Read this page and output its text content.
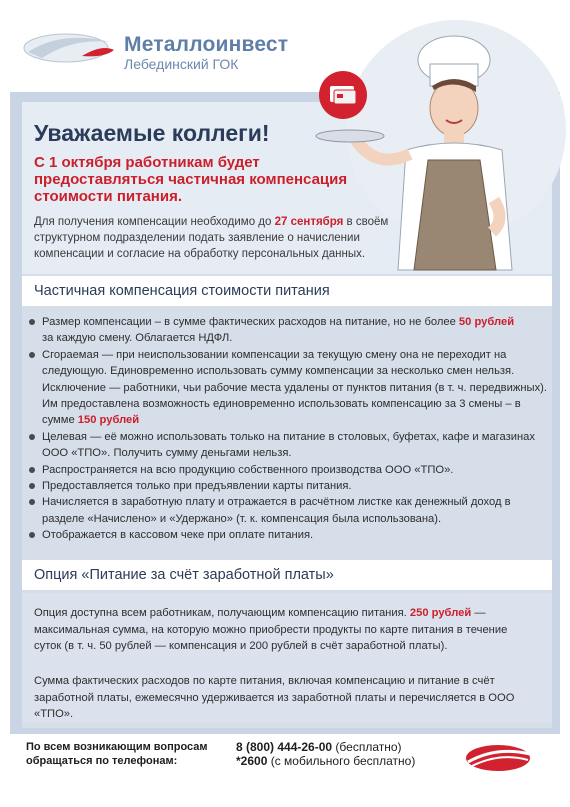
Металлоинвест
Лебединский ГОК
Уважаемые коллеги!
С 1 октября работникам будет предоставляться частичная компенсация стоимости питания.
Для получения компенсации необходимо до 27 сентября в своём структурном подразделении подать заявление о начислении компенсации и согласие на обработку персональных данных.
Частичная компенсация стоимости питания
Размер компенсации – в сумме фактических расходов на питание, но не более 50 рублей
за каждую смену. Облагается НДФЛ.
Сгораемая — при неиспользовании компенсации за текущую смену она не переходит на следующую. Единовременно использовать сумму компенсации за несколько смен нельзя.
Исключение — работники, чьи рабочие места удалены от пунктов питания (в т. ч. передвижных). Им предоставлена возможность единовременно использовать компенсацию за 3 смены – в сумме 150 рублей
Целевая — её можно использовать только на питание в столовых, буфетах, кафе и магазинах ООО «ТПО». Получить сумму деньгами нельзя.
Распространяется на всю продукцию собственного производства ООО «ТПО».
Предоставляется только при предъявлении карты питания.
Начисляется в заработную плату и отражается в расчётном листке как денежный доход в разделе «Начислено» и «Удержано» (т. к. компенсация была использована).
Отображается в кассовом чеке при оплате питания.
Опция «Питание за счёт заработной платы»

Опция доступна всем работникам, получающим компенсацию питания. 250 рублей — максимальная сумма, на которую можно приобрести продукты по карте питания в течение суток (в т. ч. 50 рублей — компенсация и 200 рублей в счёт заработной платы).

Сумма фактических расходов по карте питания, включая компенсацию и питание в счёт заработной платы, ежемесячно удерживается из заработной платы и перечисляется в ООО «ТПО».

По всем возникающим вопросам обращаться по телефонам:
8 (800) 444-26-00 (бесплатно)
*2600 (с мобильного бесплатно)
